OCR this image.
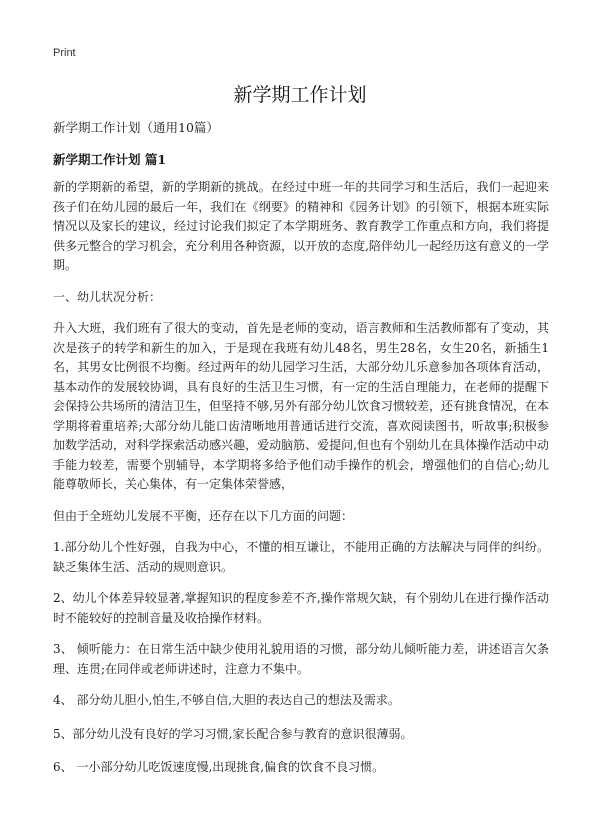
Print
新学期工作计划

新学期工作计划（通用10篇）

新学期工作计划 篇1

新的学期新的希望，新的学期新的挑战。在经过中班一年的共同学习和生活后，我们一起迎来孩子们在幼儿园的最后一年，我们在《纲要》的精神和《园务计划》的引领下，根据本班实际情况以及家长的建议，经过讨论我们拟定了本学期班务、教育教学工作重点和方向，我们将提供多元整合的学习机会，充分利用各种资源，以开放的态度,陪伴幼儿一起经历这有意义的一学期。

一、幼儿状况分析：

升入大班，我们班有了很大的变动，首先是老师的变动，语言教师和生活教师都有了变动，其次是孩子的转学和新生的加入，于是现在我班有幼儿48名，男生28名，女生20名，新插生1名，其男女比例很不均衡。经过两年的幼儿园学习生活，大部分幼儿乐意参加各项体育活动，基本动作的发展较协调，具有良好的生活卫生习惯，有一定的生活自理能力，在老师的提醒下会保持公共场所的清洁卫生，但坚持不够,另外有部分幼儿饮食习惯较差，还有挑食情况，在本学期将着重培养;大部分幼儿能口齿清晰地用普通话进行交流，喜欢阅读图书，听故事;积极参加数学活动，对科学探索活动感兴趣，爱动脑筋、爱提问,但也有个别幼儿在具体操作活动中动手能力较差，需要个别辅导，本学期将多给予他们动手操作的机会，增强他们的自信心;幼儿能尊敬师长，关心集体，有一定集体荣誉感，

但由于全班幼儿发展不平衡，还存在以下几方面的问题：

1.部分幼儿个性好强，自我为中心，不懂的相互谦让，不能用正确的方法解决与同伴的纠纷。缺乏集体生活、活动的规则意识。

2、幼儿个体差异较显著,掌握知识的程度参差不齐,操作常规欠缺，有个别幼儿在进行操作活动时不能较好的控制音量及收拾操作材料。

3、 倾听能力：在日常生活中缺少使用礼貌用语的习惯，部分幼儿倾听能力差，讲述语言欠条理、连贯;在同伴或老师讲述时，注意力不集中。

4、 部分幼儿胆小,怕生,不够自信,大胆的表达自己的想法及需求。

5、部分幼儿没有良好的学习习惯,家长配合参与教育的意识很薄弱。

6、 一小部分幼儿吃饭速度慢,出现挑食,偏食的饮食不良习惯。
